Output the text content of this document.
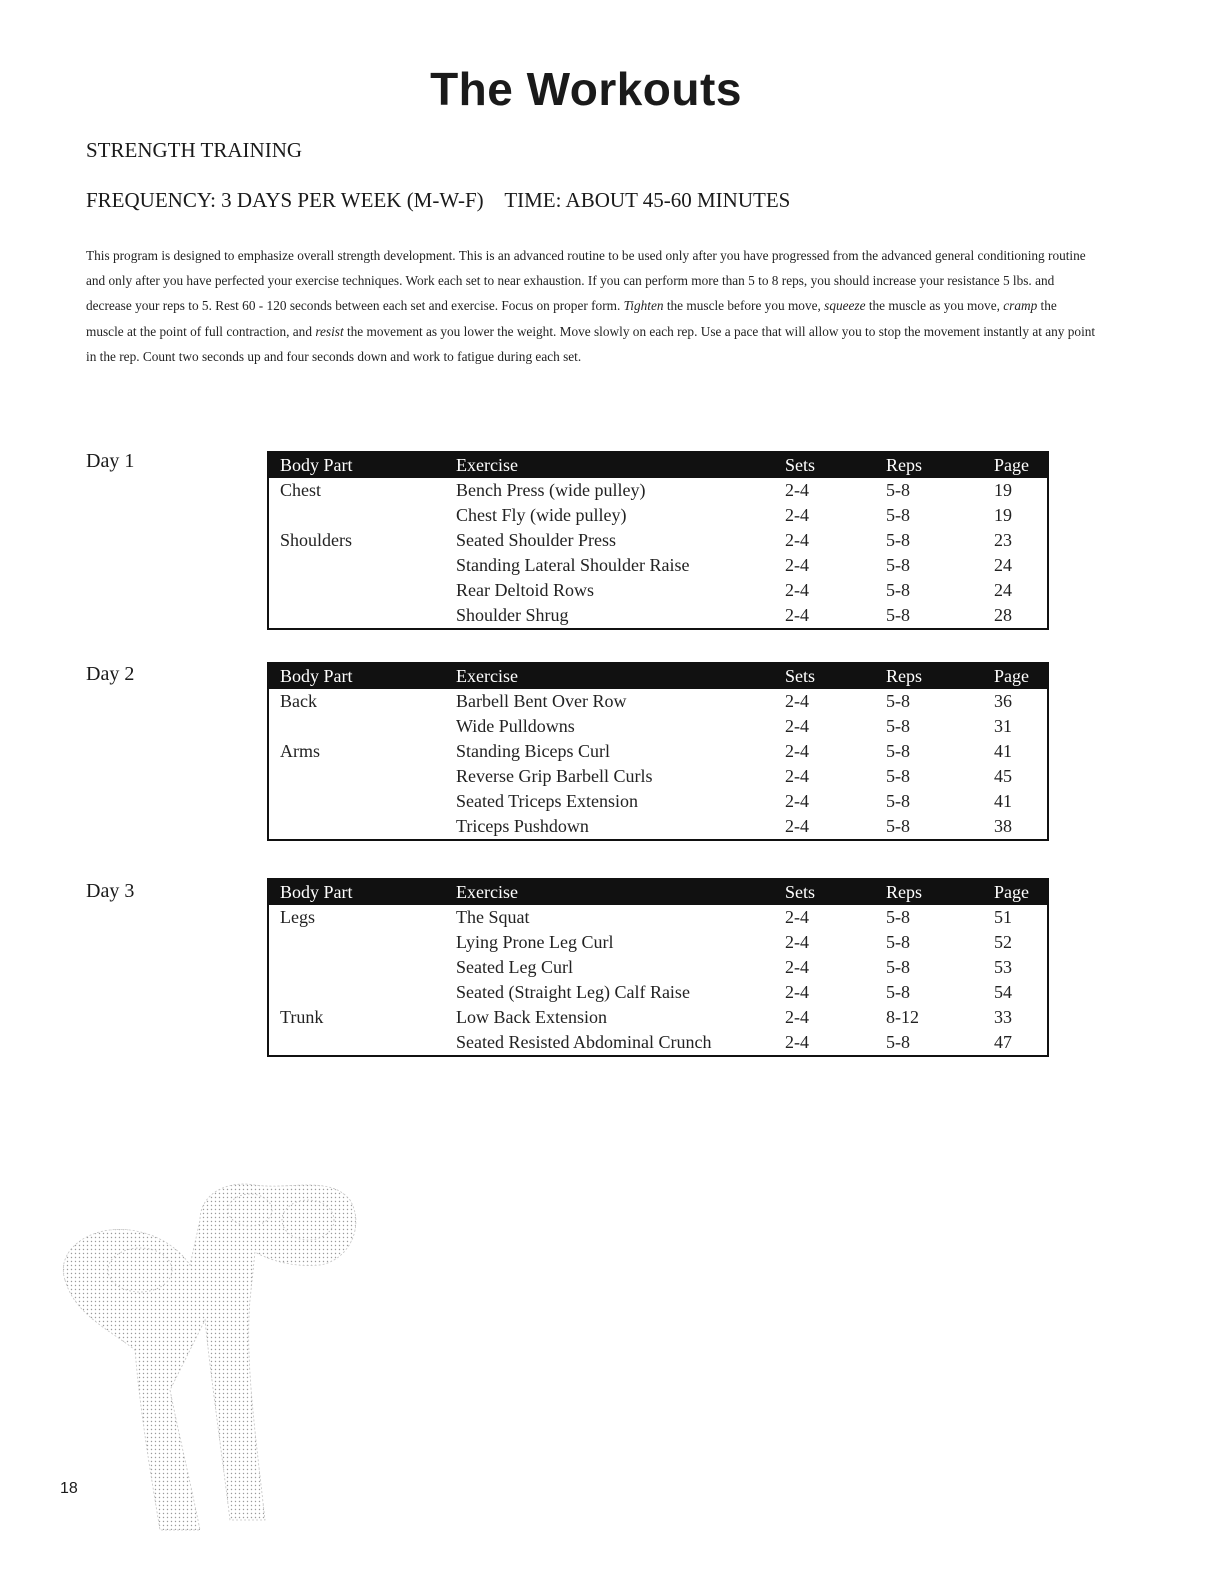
The Workouts
STRENGTH TRAINING
FREQUENCY: 3 DAYS PER WEEK (M-W-F) TIME: ABOUT 45-60 MINUTES
This program is designed to emphasize overall strength development. This is an advanced routine to be used only after you have progressed from the advanced general conditioning routine and only after you have perfected your exercise techniques. Work each set to near exhaustion. If you can perform more than 5 to 8 reps, you should increase your resistance 5 lbs. and decrease your reps to 5. Rest 60 - 120 seconds between each set and exercise. Focus on proper form. Tighten the muscle before you move, squeeze the muscle as you move, cramp the muscle at the point of full contraction, and resist the movement as you lower the weight. Move slowly on each rep. Use a pace that will allow you to stop the movement instantly at any point in the rep. Count two seconds up and four seconds down and work to fatigue during each set.
Day 1	Body Part	Exercise	Sets	Reps	Page
Chest	Bench Press (wide pulley)	2-4	5-8	19
	Chest Fly (wide pulley)	2-4	5-8	19
Shoulders	Seated Shoulder Press	2-4	5-8	23
	Standing Lateral Shoulder Raise	2-4	5-8	24
	Rear Deltoid Rows	2-4	5-8	24
	Shoulder Shrug	2-4	5-8	28
Day 2	Body Part	Exercise	Sets	Reps	Page
Back	Barbell Bent Over Row	2-4	5-8	36
	Wide Pulldowns	2-4	5-8	31
Arms	Standing Biceps Curl	2-4	5-8	41
	Reverse Grip Barbell Curls	2-4	5-8	45
	Seated Triceps Extension	2-4	5-8	41
	Triceps Pushdown	2-4	5-8	38
Day 3	Body Part	Exercise	Sets	Reps	Page
Legs	The Squat	2-4	5-8	51
	Lying Prone Leg Curl	2-4	5-8	52
	Seated Leg Curl	2-4	5-8	53
	Seated (Straight Leg) Calf Raise	2-4	5-8	54
Trunk	Low Back Extension	2-4	8-12	33
	Seated Resisted Abdominal Crunch	2-4	5-8	47
18
